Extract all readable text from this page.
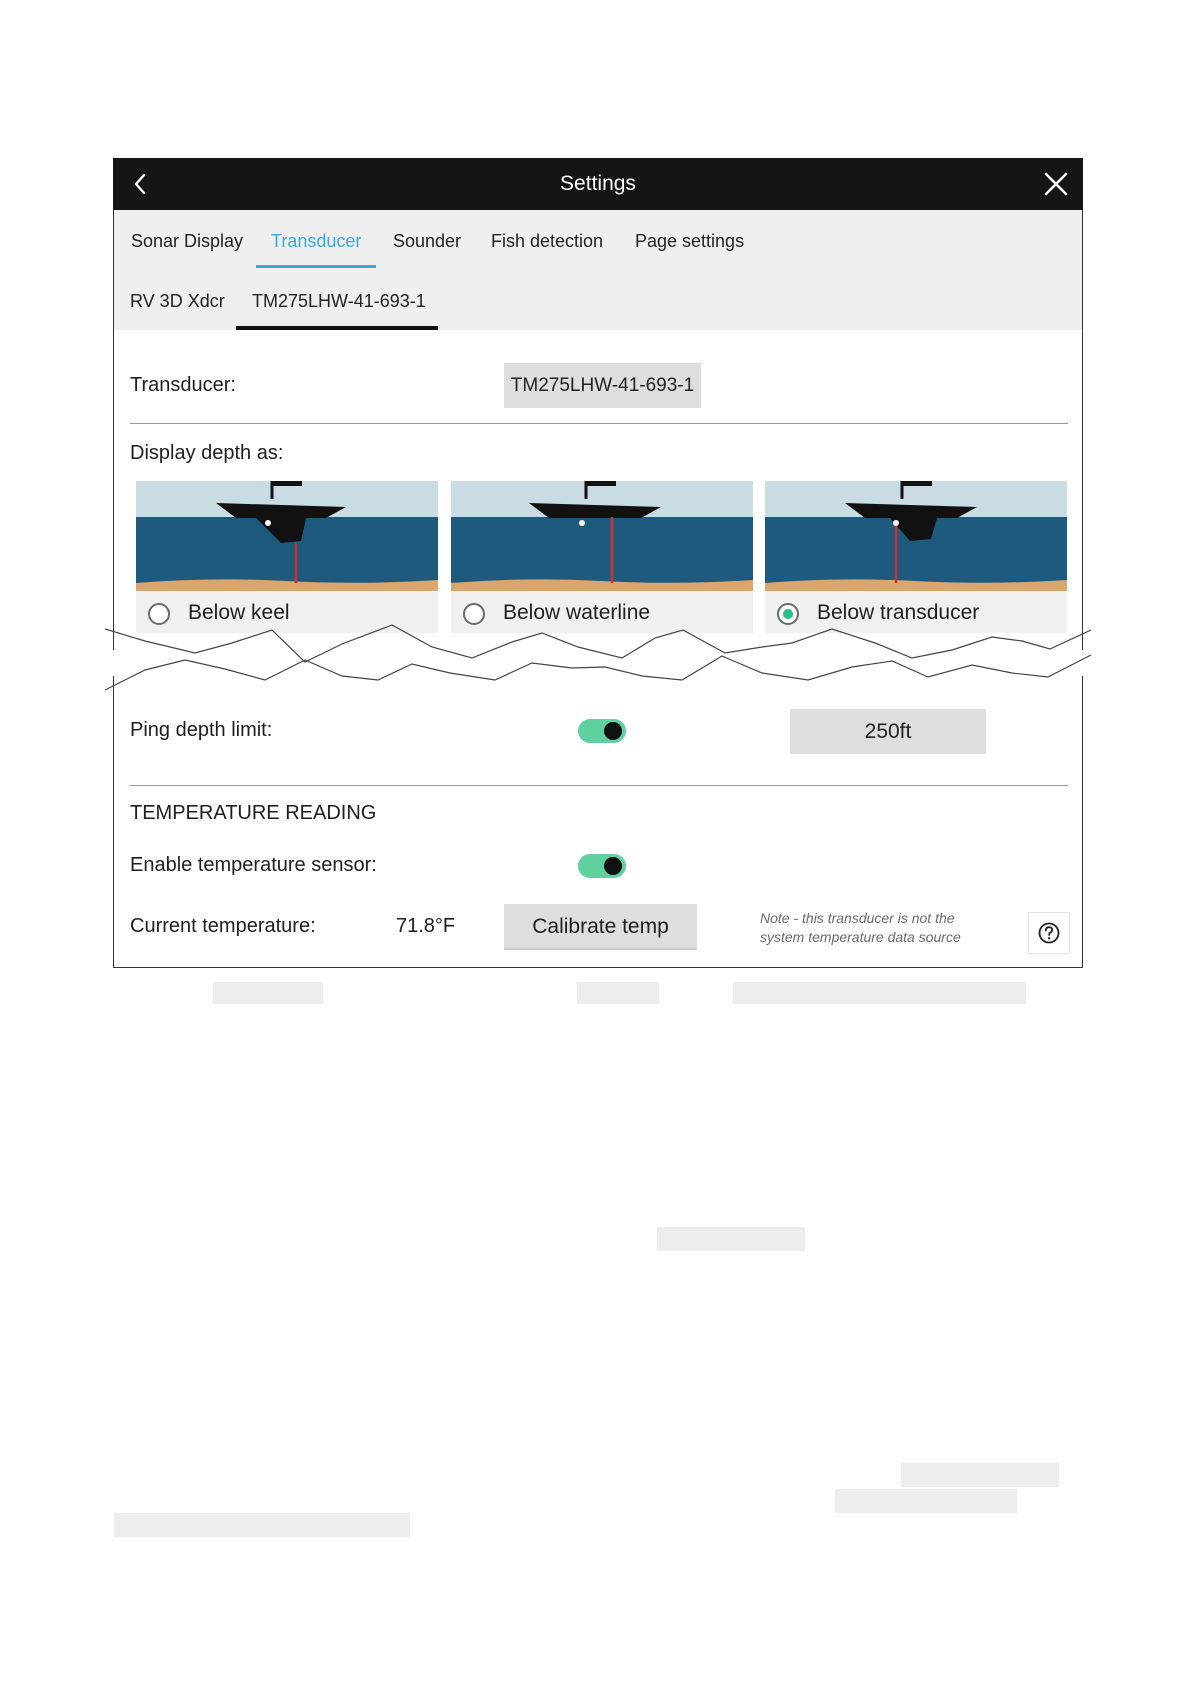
Settings
Sonar Display Transducer Sounder Fish detection Page settings
RV 3D Xdcr TM275LHW-41-693-1
Transducer:	TM275LHW-41-693-1
Display depth as:
Below keel	Below waterline	Below transducer
Ping depth limit:	250ft
TEMPERATURE READING
Enable temperature sensor:
Current temperature:	71.8°F	Calibrate temp	Note - this transducer is not the
system temperature data source
